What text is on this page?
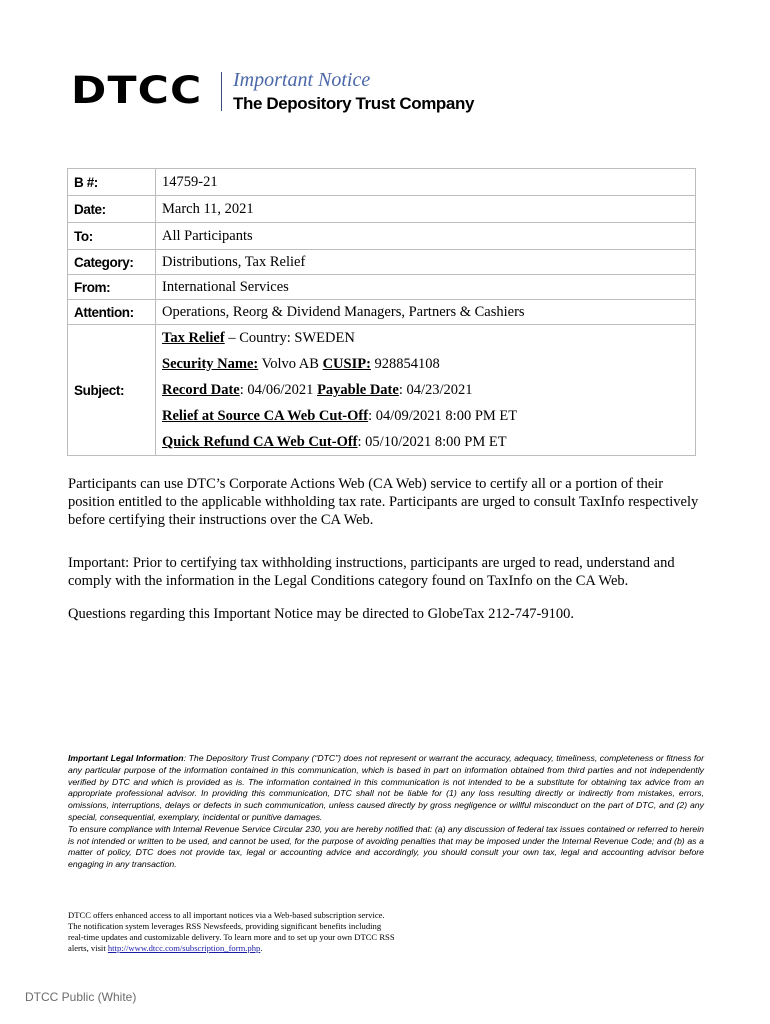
DTCC Important Notice
The Depository Trust Company
B #:	14759-21
Date:	March 11, 2021
To:	All Participants
Category:	Distributions, Tax Relief
From:	International Services
Attention:	Operations, Reorg & Dividend Managers, Partners & Cashiers
Subject:	Tax Relief – Country: SWEDEN
Security Name: Volvo AB CUSIP: 928854108
Record Date: 04/06/2021 Payable Date: 04/23/2021
Relief at Source CA Web Cut-Off: 04/09/2021 8:00 PM ET
Quick Refund CA Web Cut-Off: 05/10/2021 8:00 PM ET

Participants can use DTC’s Corporate Actions Web (CA Web) service to certify all or a portion of their position entitled to the applicable withholding tax rate. Participants are urged to consult TaxInfo respectively before certifying their instructions over the CA Web.

Important: Prior to certifying tax withholding instructions, participants are urged to read, understand and comply with the information in the Legal Conditions category found on TaxInfo on the CA Web.

Questions regarding this Important Notice may be directed to GlobeTax 212-747-9100.

Important Legal Information: The Depository Trust Company (“DTC”) does not represent or warrant the accuracy, adequacy, timeliness, completeness or fitness for any particular purpose of the information contained in this communication, which is based in part on information obtained from third parties and not independently verified by DTC and which is provided as is. The information contained in this communication is not intended to be a substitute for obtaining tax advice from an appropriate professional advisor. In providing this communication, DTC shall not be liable for (1) any loss resulting directly or indirectly from mistakes, errors, omissions, interruptions, delays or defects in such communication, unless caused directly by gross negligence or willful misconduct on the part of DTC, and (2) any special, consequential, exemplary, incidental or punitive damages.
To ensure compliance with Internal Revenue Service Circular 230, you are hereby notified that: (a) any discussion of federal tax issues contained or referred to herein is not intended or written to be used, and cannot be used, for the purpose of avoiding penalties that may be imposed under the Internal Revenue Code; and (b) as a matter of policy, DTC does not provide tax, legal or accounting advice and accordingly, you should consult your own tax, legal and accounting advisor before engaging in any transaction.

DTCC offers enhanced access to all important notices via a Web-based subscription service.
The notification system leverages RSS Newsfeeds, providing significant benefits including
real-time updates and customizable delivery. To learn more and to set up your own DTCC RSS
alerts, visit http://www.dtcc.com/subscription_form.php.

DTCC Public (White)
